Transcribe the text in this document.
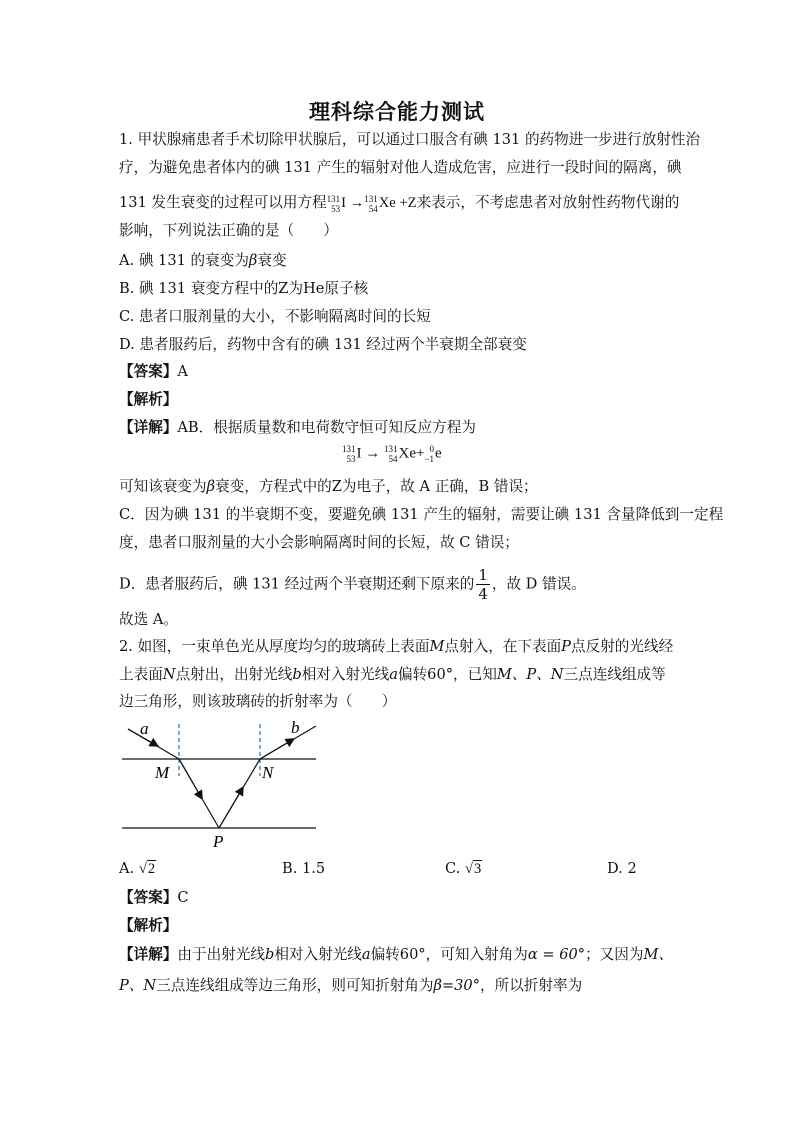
理科综合能力测试
1. 甲状腺痛患者手术切除甲状腺后，可以通过口服含有碘 131 的药物进一步进行放射性治
疗，为避免患者体内的碘 131 产生的辐射对他人造成危害，应进行一段时间的隔离，碘
131 发生衰变的过程可以用方程131
53I →131
54Xe +Z来表示，不考虑患者对放射性药物代谢的
影响，下列说法正确的是（　　）
A. 碘 131 的衰变为β衰变
B. 碘 131 衰变方程中的Z为He原子核
C. 患者口服剂量的大小，不影响隔离时间的长短
D. 患者服药后，药物中含有的碘 131 经过两个半衰期全部衰变
【答案】A
【解析】
【详解】AB．根据质量数和电荷数守恒可知反应方程为
131
53I → 131
54Xe+ 0
−1e
可知该衰变为β衰变，方程式中的Z为电子，故 A 正确，B 错误；
C．因为碘 131 的半衰期不变，要避免碘 131 产生的辐射，需要让碘 131 含量降低到一定程
度，患者口服剂量的大小会影响隔离时间的长短，故 C 错误；
D．患者服药后，碘 131 经过两个半衰期还剩下原来的 $\frac{1}{4}$ ，故 D 错误。
故选 A。
2. 如图，一束单色光从厚度均匀的玻璃砖上表面M点射入，在下表面P点反射的光线经
上表面N点射出，出射光线b相对入射光线a偏转60°，已知M、P、N三点连线组成等
边三角形，则该玻璃砖的折射率为（　　）
a	b
M	N
P
A. √2	B. 1.5	C. √3	D. 2
【答案】C
【解析】
【详解】由于出射光线b相对入射光线a偏转60°，可知入射角为α = 60°；又因为M、
P、N三点连线组成等边三角形，则可知折射角为β=30°，所以折射率为
